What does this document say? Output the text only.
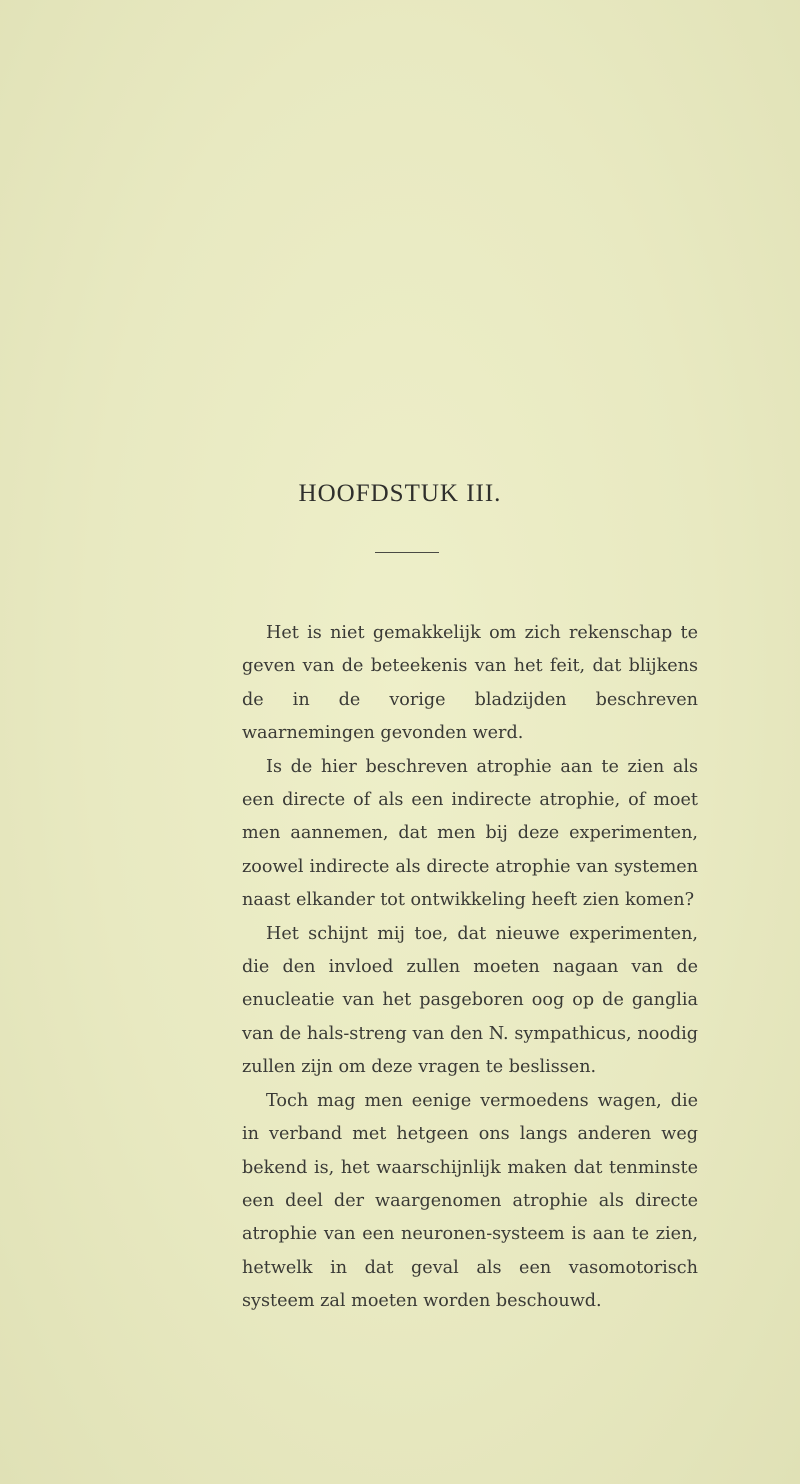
HOOFDSTUK III.

Het is niet gemakkelijk om zich rekenschap te geven van de beteekenis van het feit, dat blijkens de in de vorige bladzijden beschreven waarnemingen gevonden werd.

Is de hier beschreven atrophie aan te zien als een directe of als een indirecte atrophie, of moet men aannemen, dat men bij deze experimenten, zoowel indirecte als directe atrophie van systemen naast elkander tot ontwikkeling heeft zien komen?

Het schijnt mij toe, dat nieuwe experimenten, die den invloed zullen moeten nagaan van de enucleatie van het pasgeboren oog op de ganglia van de hals-streng van den N. sympathicus, noodig zullen zijn om deze vragen te beslissen.

Toch mag men eenige vermoedens wagen, die in verband met hetgeen ons langs anderen weg bekend is, het waarschijnlijk maken dat tenminste een deel der waargenomen atrophie als directe atrophie van een neuronen-systeem is aan te zien, hetwelk in dat geval als een vasomotorisch systeem zal moeten worden beschouwd.
